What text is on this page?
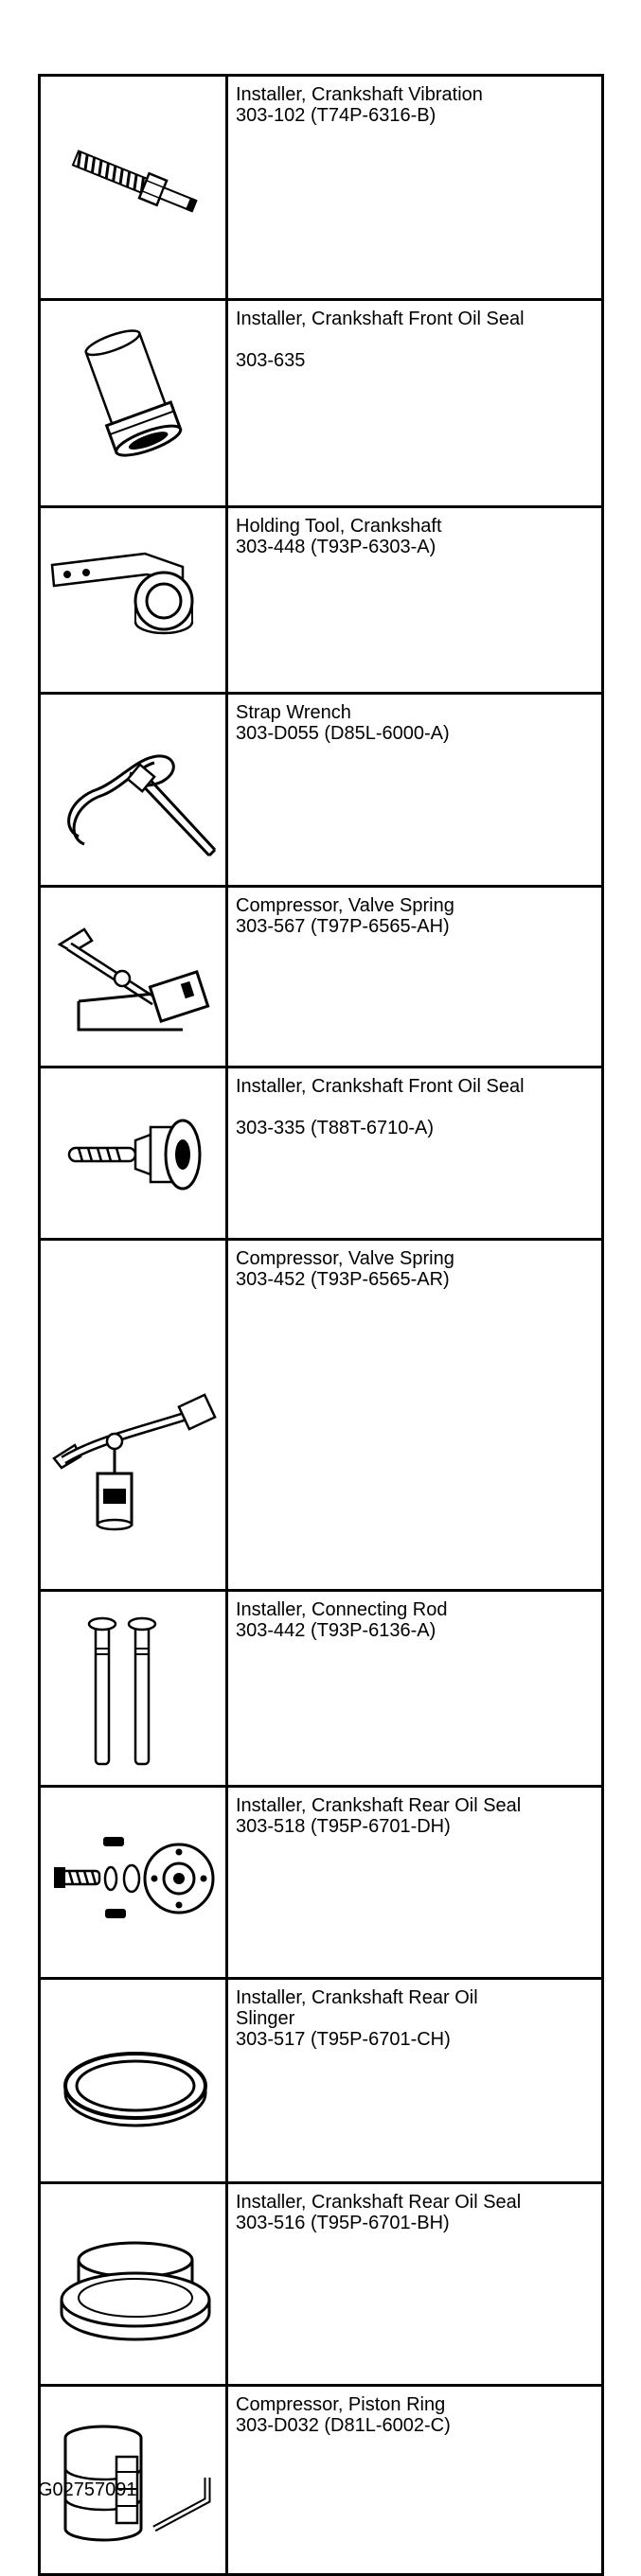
Installer, Crankshaft Vibration
303-102 (T74P-6316-B)
Installer, Crankshaft Front Oil Seal
303-635
Holding Tool, Crankshaft
303-448 (T93P-6303-A)
Strap Wrench
303-D055 (D85L-6000-A)
Compressor, Valve Spring
303-567 (T97P-6565-AH)
Installer, Crankshaft Front Oil Seal
303-335 (T88T-6710-A)
Compressor, Valve Spring
303-452 (T93P-6565-AR)
Installer, Connecting Rod
303-442 (T93P-6136-A)
Installer, Crankshaft Rear Oil Seal
303-518 (T95P-6701-DH)
Installer, Crankshaft Rear Oil
Slinger
303-517 (T95P-6701-CH)
Installer, Crankshaft Rear Oil Seal
303-516 (T95P-6701-BH)
Compressor, Piston Ring
303-D032 (D81L-6002-C)
G02757091
